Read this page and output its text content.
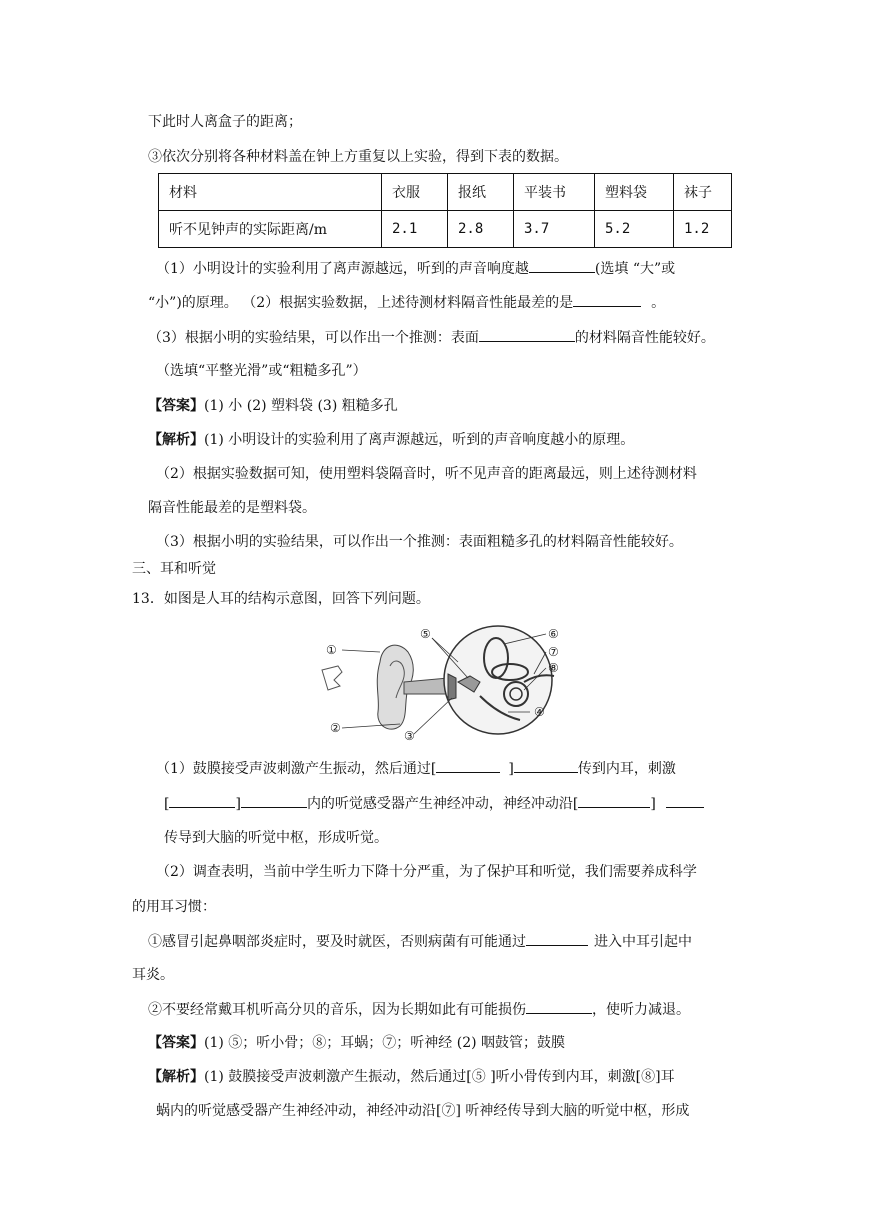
下此时人离盒子的距离；
③依次分别将各种材料盖在钟上方重复以上实验，得到下表的数据。
材料	衣服	报纸	平装书	塑料袋	袜子
听不见钟声的实际距离/m	2.1	2.8	3.7	5.2	1.2
（1）小明设计的实验利用了离声源越远，听到的声音响度越	(选填 “大”或
“小”)的原理。 （2）根据实验数据，上述待测材料隔音性能最差的是	。
（3）根据小明的实验结果，可以作出一个推测：表面	的材料隔音性能较好。
（选填“平整光滑”或“粗糙多孔”）
【答案】(1) 小 (2) 塑料袋 (3) 粗糙多孔
【解析】(1) 小明设计的实验利用了离声源越远，听到的声音响度越小的原理。
（2）根据实验数据可知，使用塑料袋隔音时，听不见声音的距离最远，则上述待测材料
隔音性能最差的是塑料袋。
（3）根据小明的实验结果，可以作出一个推测：表面粗糙多孔的材料隔音性能较好。
三、耳和听觉
13．如图是人耳的结构示意图，回答下列问题。
①
②
③
④
⑤	⑥
⑦
⑧
（1）鼓膜接受声波刺激产生振动，然后通过[	]	传到内耳，刺激
[	]	内的听觉感受器产生神经冲动，神经冲动沿[	]
传导到大脑的听觉中枢，形成听觉。
（2）调查表明，当前中学生听力下降十分严重，为了保护耳和听觉，我们需要养成科学
的用耳习惯：
①感冒引起鼻咽部炎症时，要及时就医，否则病菌有可能通过	进入中耳引起中
耳炎。
②不要经常戴耳机听高分贝的音乐，因为长期如此有可能损伤	，使听力减退。
【答案】(1) ⑤；听小骨；⑧；耳蜗；⑦；听神经 (2) 咽鼓管；鼓膜
【解析】(1) 鼓膜接受声波刺激产生振动，然后通过[⑤ ]听小骨传到内耳，刺激[⑧]耳
蜗内的听觉感受器产生神经冲动，神经冲动沿[⑦] 听神经传导到大脑的听觉中枢，形成
